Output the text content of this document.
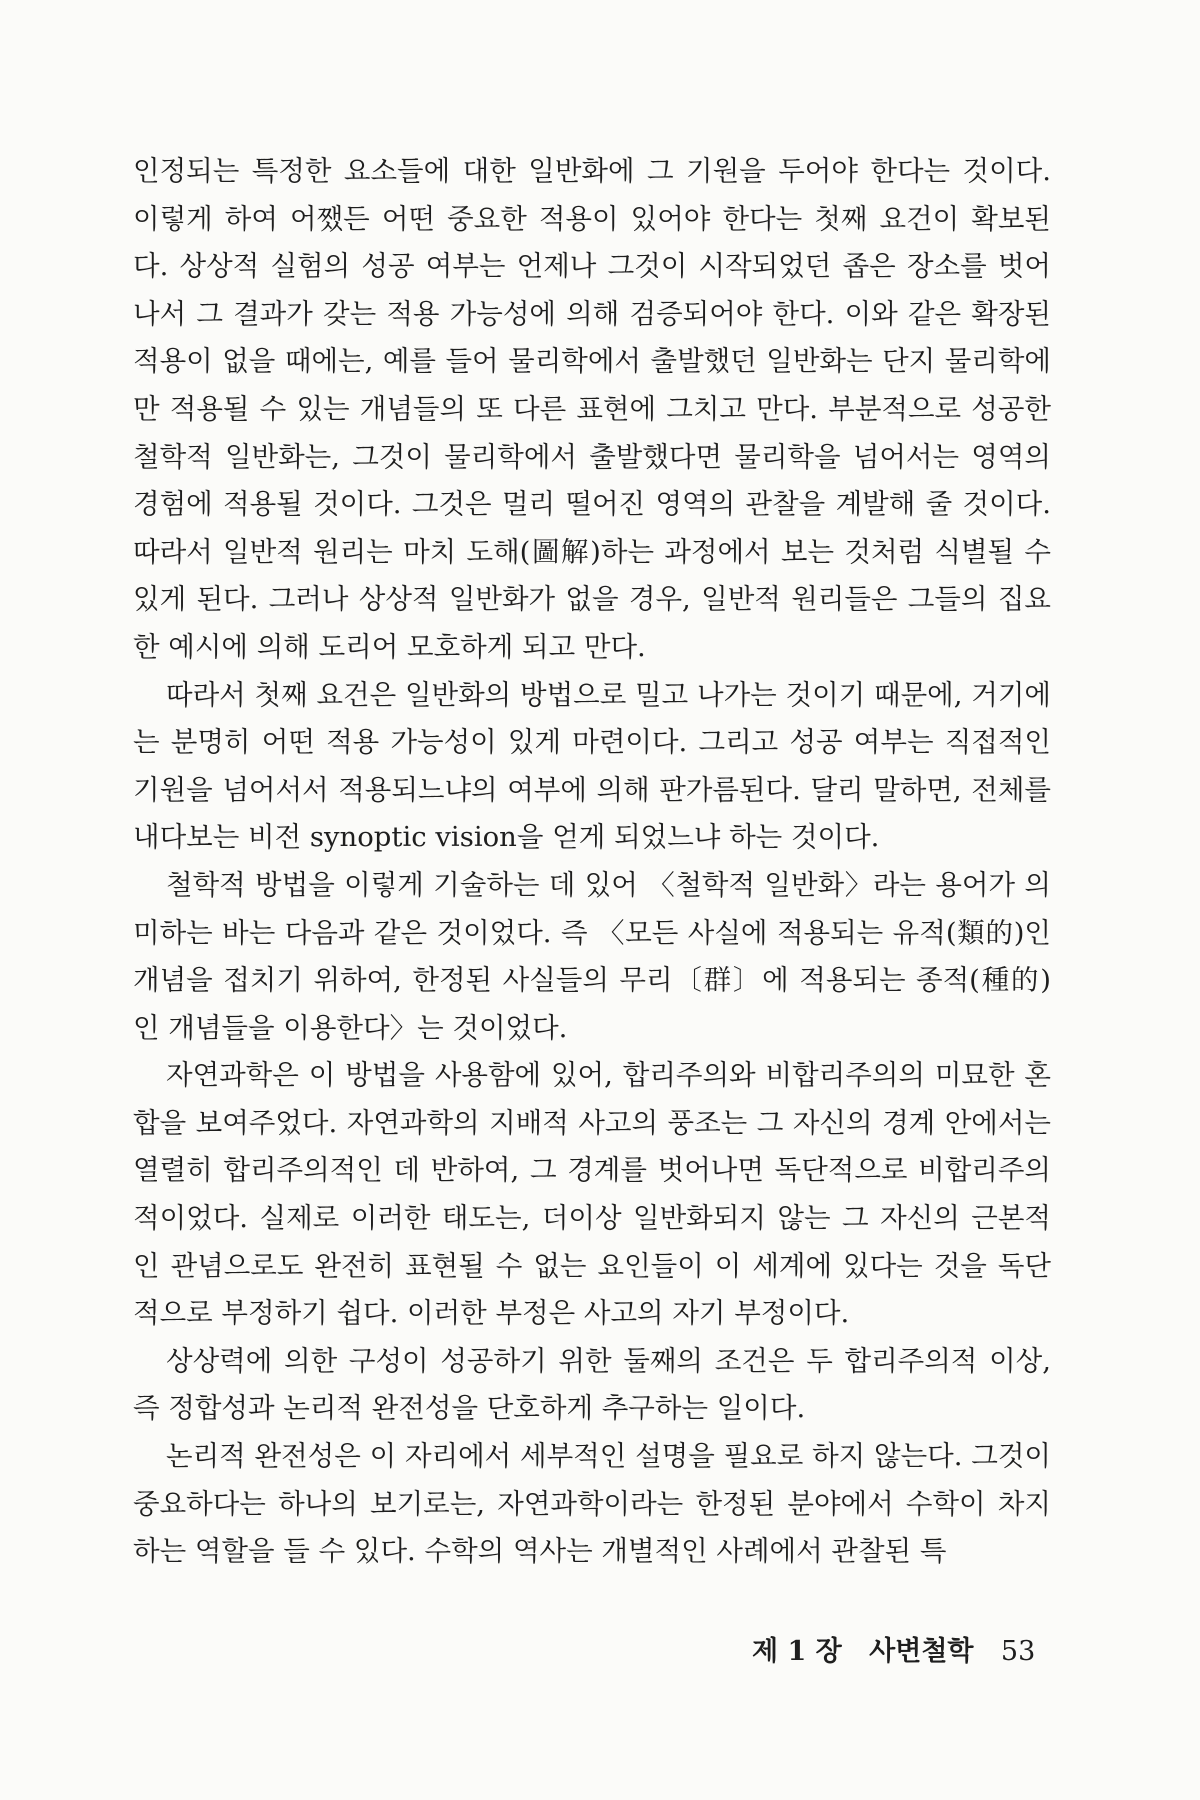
인정되는 특정한 요소들에 대한 일반화에 그 기원을 두어야 한다는 것이다. 이렇게 하여 어쨌든 어떤 중요한 적용이 있어야 한다는 첫째 요건이 확보된다. 상상적 실험의 성공 여부는 언제나 그것이 시작되었던 좁은 장소를 벗어나서 그 결과가 갖는 적용 가능성에 의해 검증되어야 한다. 이와 같은 확장된 적용이 없을 때에는, 예를 들어 물리학에서 출발했던 일반화는 단지 물리학에만 적용될 수 있는 개념들의 또 다른 표현에 그치고 만다. 부분적으로 성공한 철학적 일반화는, 그것이 물리학에서 출발했다면 물리학을 넘어서는 영역의 경험에 적용될 것이다. 그것은 멀리 떨어진 영역의 관찰을 계발해 줄 것이다. 따라서 일반적 원리는 마치 도해(圖解)하는 과정에서 보는 것처럼 식별될 수 있게 된다. 그러나 상상적 일반화가 없을 경우, 일반적 원리들은 그들의 집요한 예시에 의해 도리어 모호하게 되고 만다.

따라서 첫째 요건은 일반화의 방법으로 밀고 나가는 것이기 때문에, 거기에는 분명히 어떤 적용 가능성이 있게 마련이다. 그리고 성공 여부는 직접적인 기원을 넘어서서 적용되느냐의 여부에 의해 판가름된다. 달리 말하면, 전체를 내다보는 비전 synoptic vision을 얻게 되었느냐 하는 것이다.

철학적 방법을 이렇게 기술하는 데 있어 〈철학적 일반화〉라는 용어가 의미하는 바는 다음과 같은 것이었다. 즉 〈모든 사실에 적용되는 유적(類的)인 개념을 접치기 위하여, 한정된 사실들의 무리〔群〕에 적용되는 종적(種的)인 개념들을 이용한다〉는 것이었다.

자연과학은 이 방법을 사용함에 있어, 합리주의와 비합리주의의 미묘한 혼합을 보여주었다. 자연과학의 지배적 사고의 풍조는 그 자신의 경계 안에서는 열렬히 합리주의적인 데 반하여, 그 경계를 벗어나면 독단적으로 비합리주의적이었다. 실제로 이러한 태도는, 더이상 일반화되지 않는 그 자신의 근본적인 관념으로도 완전히 표현될 수 없는 요인들이 이 세계에 있다는 것을 독단적으로 부정하기 쉽다. 이러한 부정은 사고의 자기 부정이다.

상상력에 의한 구성이 성공하기 위한 둘째의 조건은 두 합리주의적 이상, 즉 정합성과 논리적 완전성을 단호하게 추구하는 일이다.

논리적 완전성은 이 자리에서 세부적인 설명을 필요로 하지 않는다. 그것이 중요하다는 하나의 보기로는, 자연과학이라는 한정된 분야에서 수학이 차지하는 역할을 들 수 있다. 수학의 역사는 개별적인 사례에서 관찰된 특

제 1 장 사변철학 53
